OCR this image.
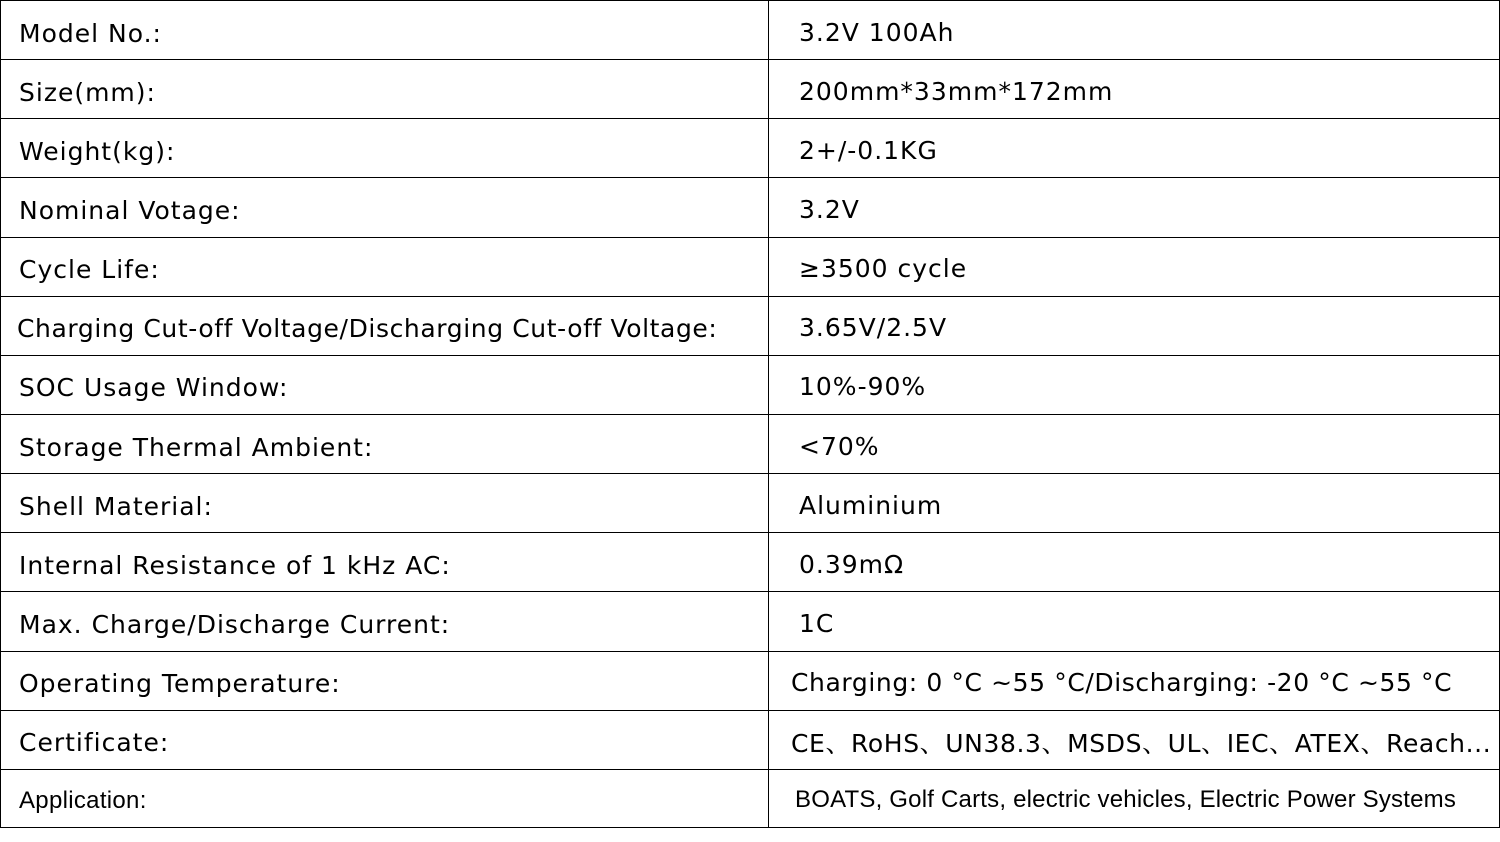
Model No.:	3.2V 100Ah
Size(mm):	200mm*33mm*172mm
Weight(kg):	2+/-0.1KG
Nominal Votage:	3.2V
Cycle Life:	≥3500 cycle
Charging Cut-off Voltage/Discharging Cut-off Voltage:	3.65V/2.5V
SOC Usage Window:	10%-90%
Storage Thermal Ambient:	<70%
Shell Material:	Aluminium
Internal Resistance of 1 kHz AC:	0.39mΩ
Max. Charge/Discharge Current:	1C
Operating Temperature:	Charging: 0 °C ~55 °C/Discharging: -20 °C ~55 °C
Certificate:	CE、RoHS、UN38.3、MSDS、UL、IEC、ATEX、Reach...
Application:	BOATS, Golf Carts, electric vehicles, Electric Power Systems
